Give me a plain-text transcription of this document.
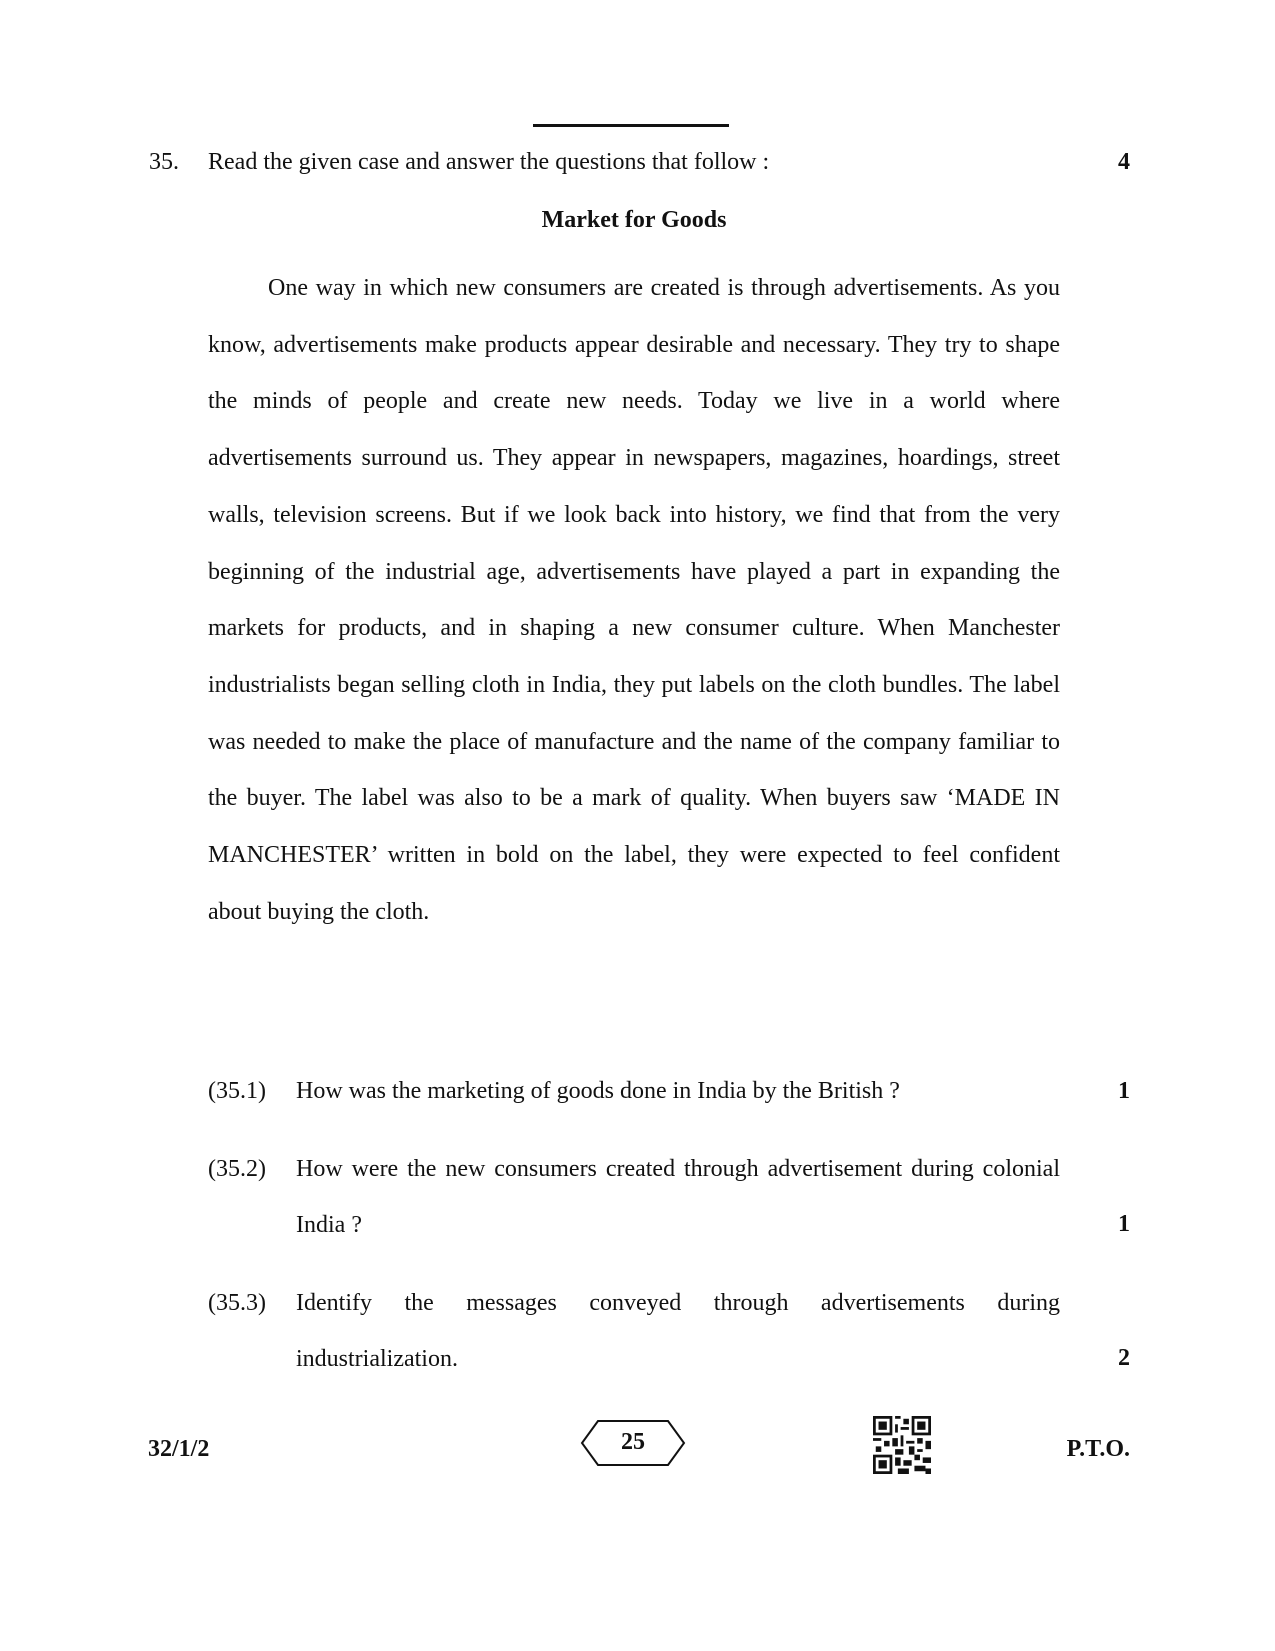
35. Read the given case and answer the questions that follow :	4
Market for Goods

One way in which new consumers are created is through advertisements. As you know, advertisements make products appear desirable and necessary. They try to shape the minds of people and create new needs. Today we live in a world where advertisements surround us. They appear in newspapers, magazines, hoardings, street walls, television screens. But if we look back into history, we find that from the very beginning of the industrial age, advertisements have played a part in expanding the markets for products, and in shaping a new consumer culture. When Manchester industrialists began selling cloth in India, they put labels on the cloth bundles. The label was needed to make the place of manufacture and the name of the company familiar to the buyer. The label was also to be a mark of quality. When buyers saw ‘MADE IN MANCHESTER’ written in bold on the label, they were expected to feel confident about buying the cloth.

(35.1) How was the marketing of goods done in India by the British ?	1
(35.2) How were the new consumers created through advertisement during colonial India ?	1
(35.3) Identify the messages conveyed through advertisements during industrialization.	2
32/1/2	25	P.T.O.
